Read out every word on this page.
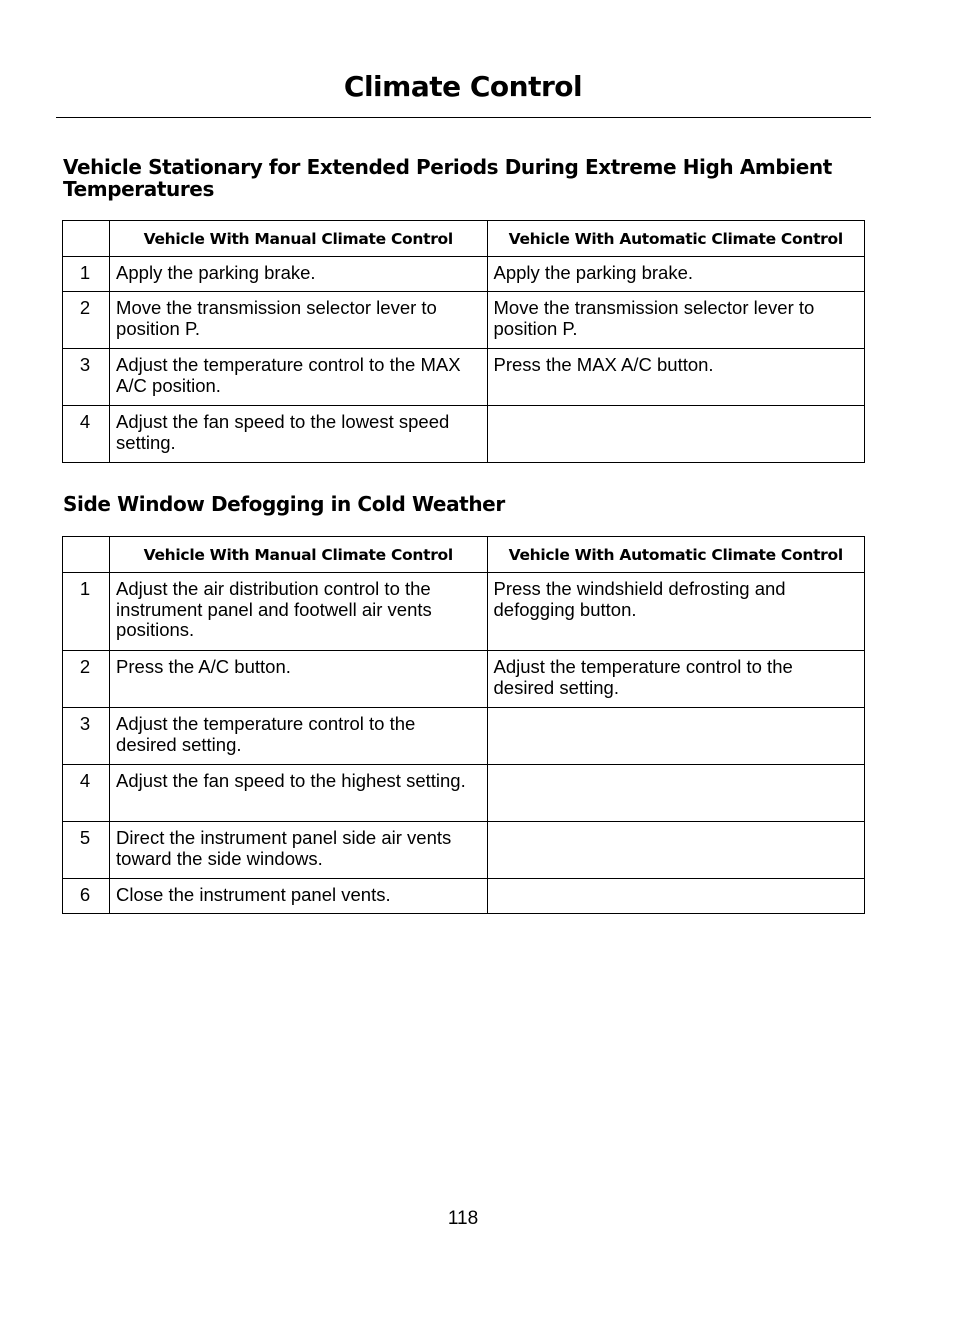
Climate Control
Vehicle Stationary for Extended Periods During Extreme High Ambient Temperatures
	Vehicle With Manual Climate Control	Vehicle With Automatic Climate Control
1	Apply the parking brake.	Apply the parking brake.
2	Move the transmission selector lever to position P.	Move the transmission selector lever to position P.
3	Adjust the temperature control to the MAX A/C position.	Press the MAX A/C button.
4	Adjust the fan speed to the lowest speed setting.	
Side Window Defogging in Cold Weather
	Vehicle With Manual Climate Control	Vehicle With Automatic Climate Control
1	Adjust the air distribution control to the instrument panel and footwell air vents positions.	Press the windshield defrosting and defogging button.
2	Press the A/C button.	Adjust the temperature control to the desired setting.
3	Adjust the temperature control to the desired setting.	
4	Adjust the fan speed to the highest setting.	
5	Direct the instrument panel side air vents toward the side windows.	
6	Close the instrument panel vents.	
118
